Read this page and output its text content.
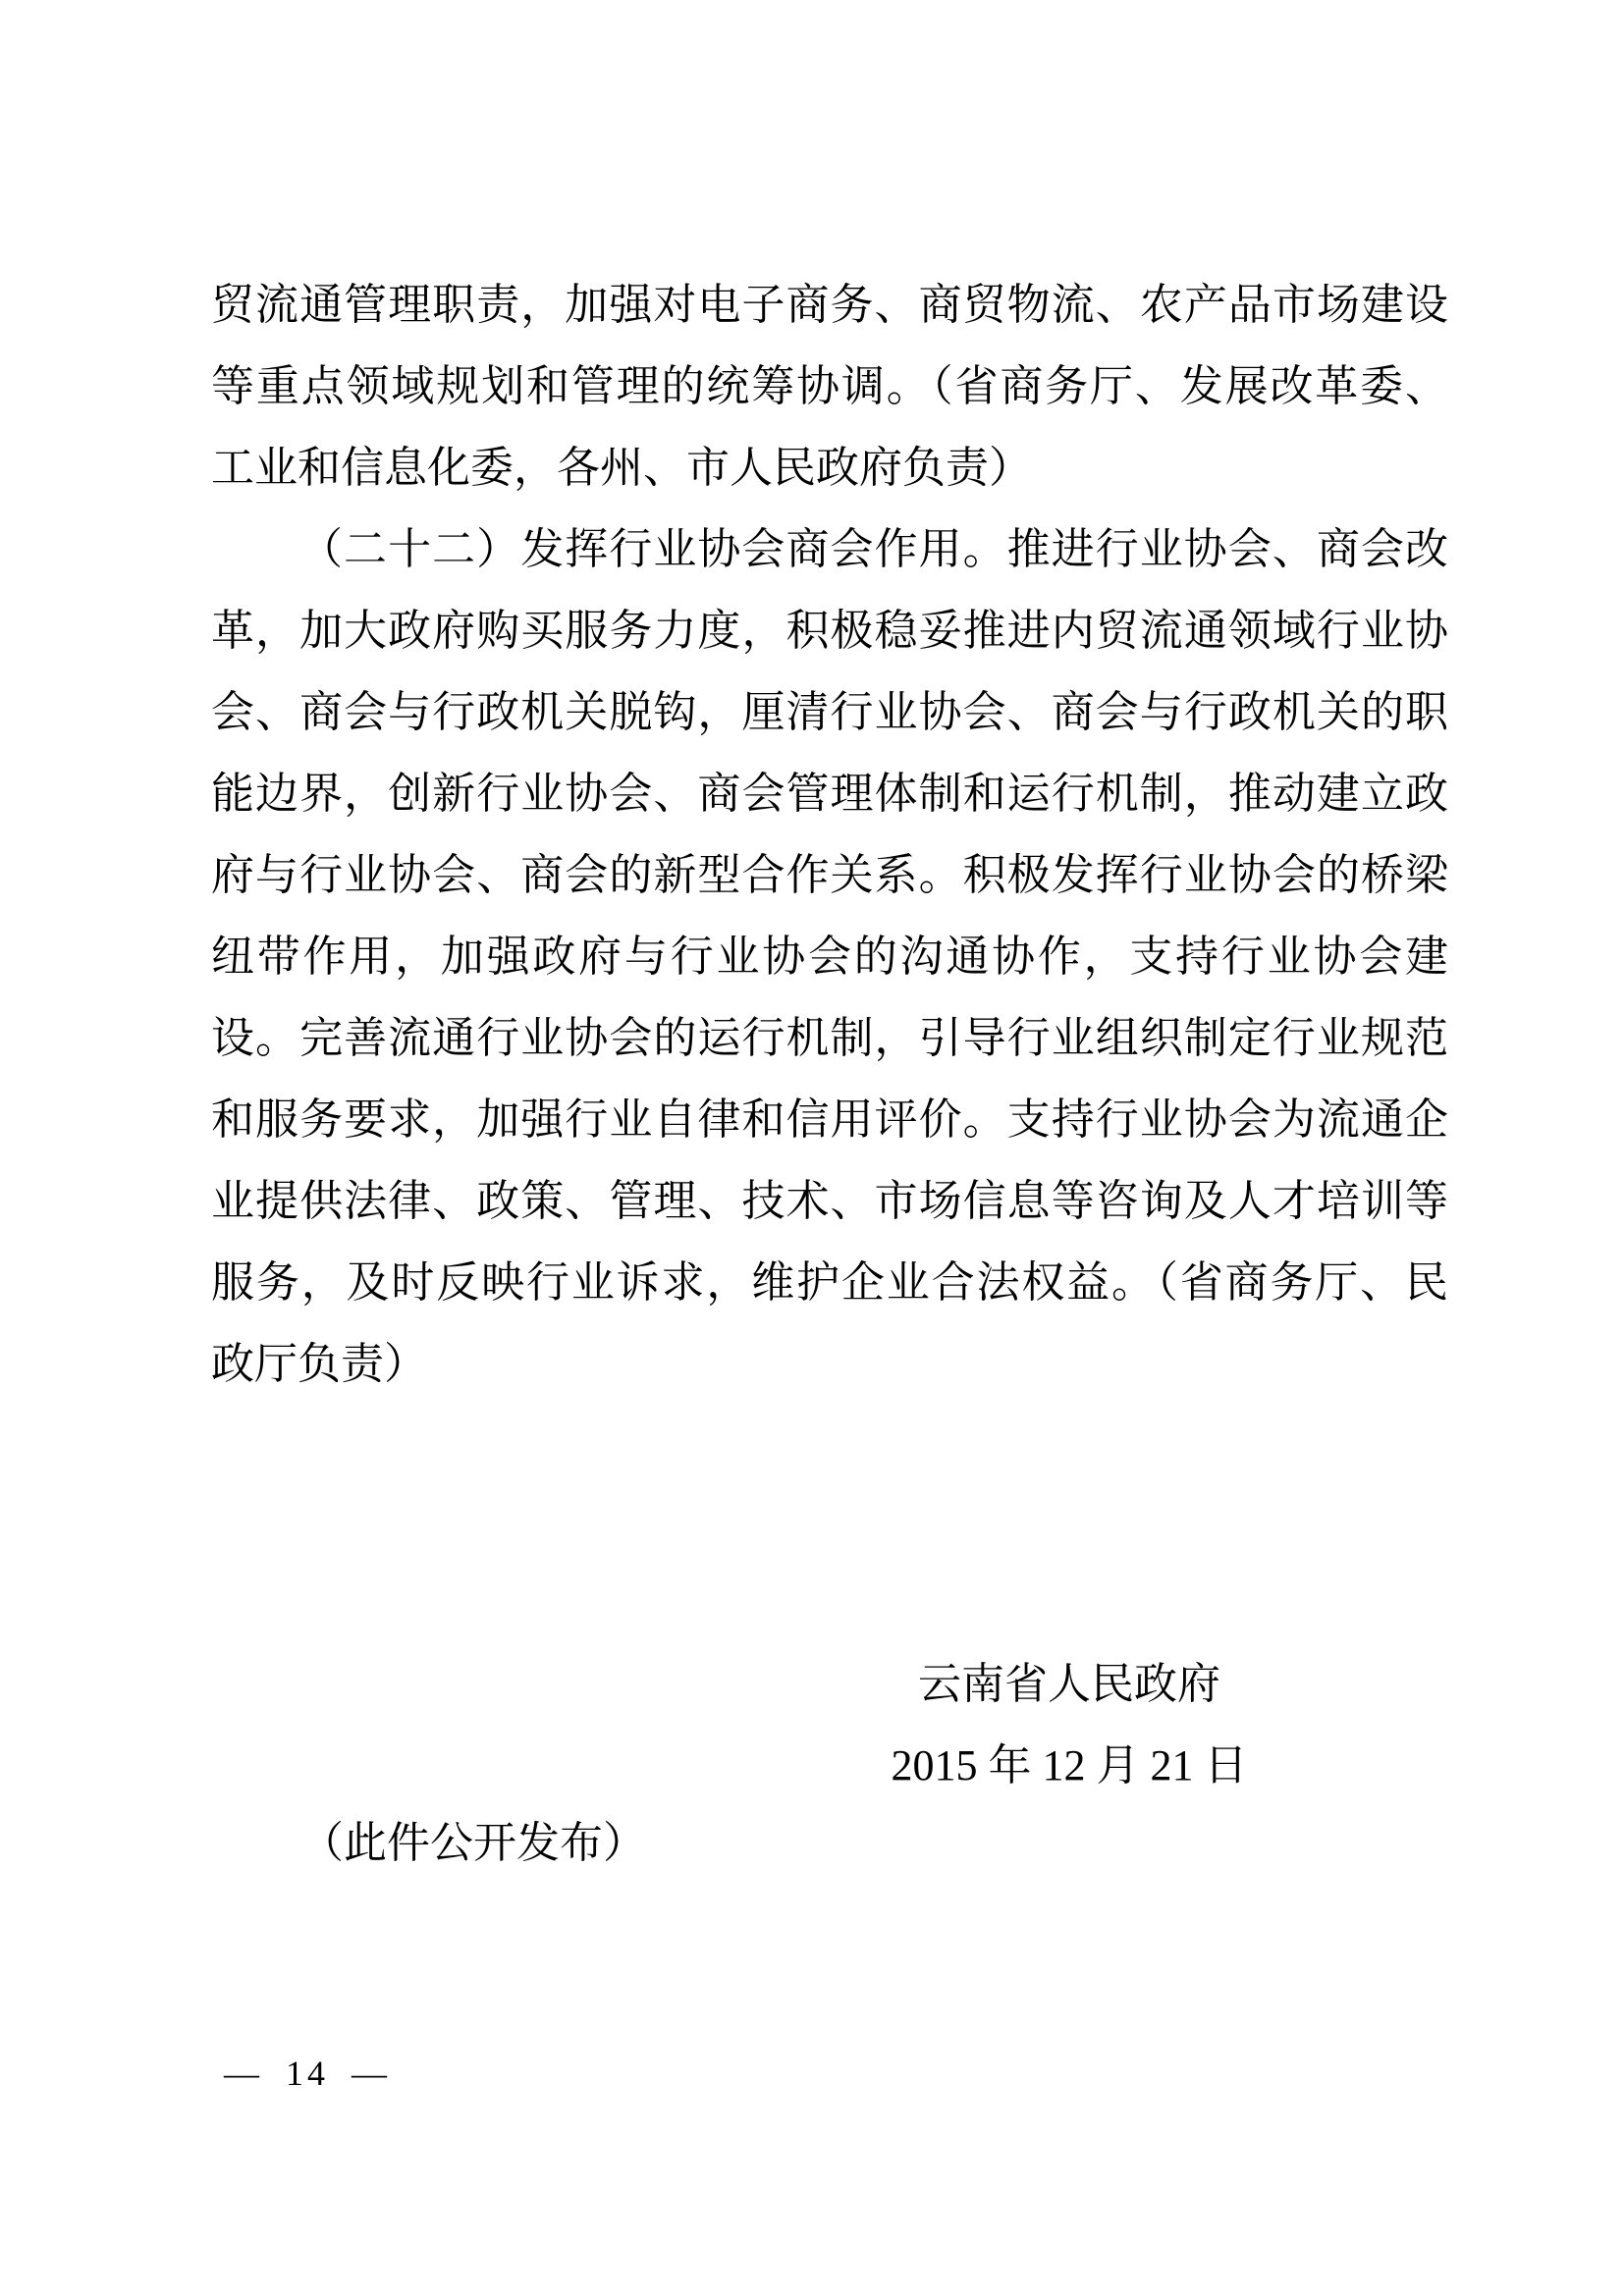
贸流通管理职责，加强对电子商务、商贸物流、农产品市场建设
等重点领域规划和管理的统筹协调。（省商务厅、发展改革委、
工业和信息化委，各州、市人民政府负责）
（二十二）发挥行业协会商会作用。推进行业协会、商会改
革，加大政府购买服务力度，积极稳妥推进内贸流通领域行业协
会、商会与行政机关脱钩，厘清行业协会、商会与行政机关的职
能边界，创新行业协会、商会管理体制和运行机制，推动建立政
府与行业协会、商会的新型合作关系。积极发挥行业协会的桥梁
纽带作用，加强政府与行业协会的沟通协作，支持行业协会建
设。完善流通行业协会的运行机制，引导行业组织制定行业规范
和服务要求，加强行业自律和信用评价。支持行业协会为流通企
业提供法律、政策、管理、技术、市场信息等咨询及人才培训等
服务，及时反映行业诉求，维护企业合法权益。（省商务厅、民
政厅负责）
云南省人民政府
2015 年 12 月 21 日
（此件公开发布）
— 14 —
